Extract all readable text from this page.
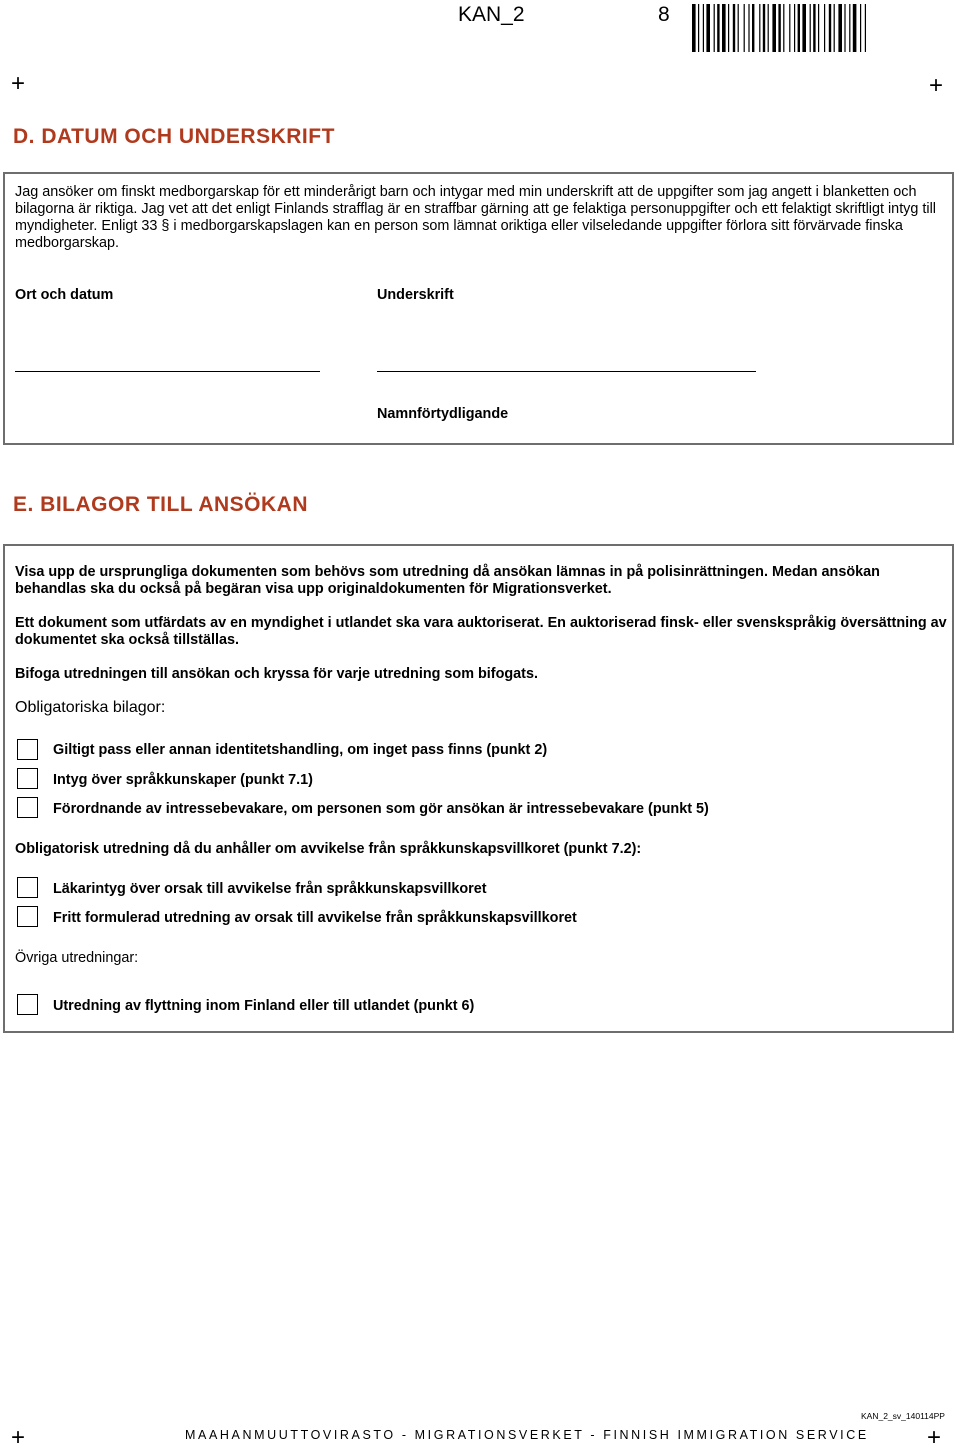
KAN_2	8
+	+
+	+
D. DATUM OCH UNDERSKRIFT
Jag ansöker om finskt medborgarskap för ett minderårigt barn och intygar med min underskrift att de uppgifter som jag angett i blanketten och bilagorna är riktiga. Jag vet att det enligt Finlands strafflag är en straffbar gärning att ge felaktiga personuppgifter och ett felaktigt skriftligt intyg till myndigheter. Enligt 33 § i medborgarskapslagen kan en person som lämnat oriktiga eller vilseledande uppgifter förlora sitt förvärvade finska medborgarskap.
Ort och datum	Underskrift
Namnförtydligande
E. BILAGOR TILL ANSÖKAN
Visa upp de ursprungliga dokumenten som behövs som utredning då ansökan lämnas in på polisinrättningen. Medan ansökan behandlas ska du också på begäran visa upp originaldokumenten för Migrationsverket.
Ett dokument som utfärdats av en myndighet i utlandet ska vara auktoriserat. En auktoriserad finsk- eller svenskspråkig översättning av dokumentet ska också tillställas.
Bifoga utredningen till ansökan och kryssa för varje utredning som bifogats.
Obligatoriska bilagor:
Giltigt pass eller annan identitetshandling, om inget pass finns (punkt 2)
Intyg över språkkunskaper (punkt 7.1)
Förordnande av intressebevakare, om personen som gör ansökan är intressebevakare (punkt 5)
Obligatorisk utredning då du anhåller om avvikelse från språkkunskapsvillkoret (punkt 7.2):
Läkarintyg över orsak till avvikelse från språkkunskapsvillkoret
Fritt formulerad utredning av orsak till avvikelse från språkkunskapsvillkoret
Övriga utredningar:
Utredning av flyttning inom Finland eller till utlandet (punkt 6)
KAN_2_sv_140114PP
MAAHANMUUTTOVIRASTO - MIGRATIONSVERKET - FINNISH IMMIGRATION SERVICE
